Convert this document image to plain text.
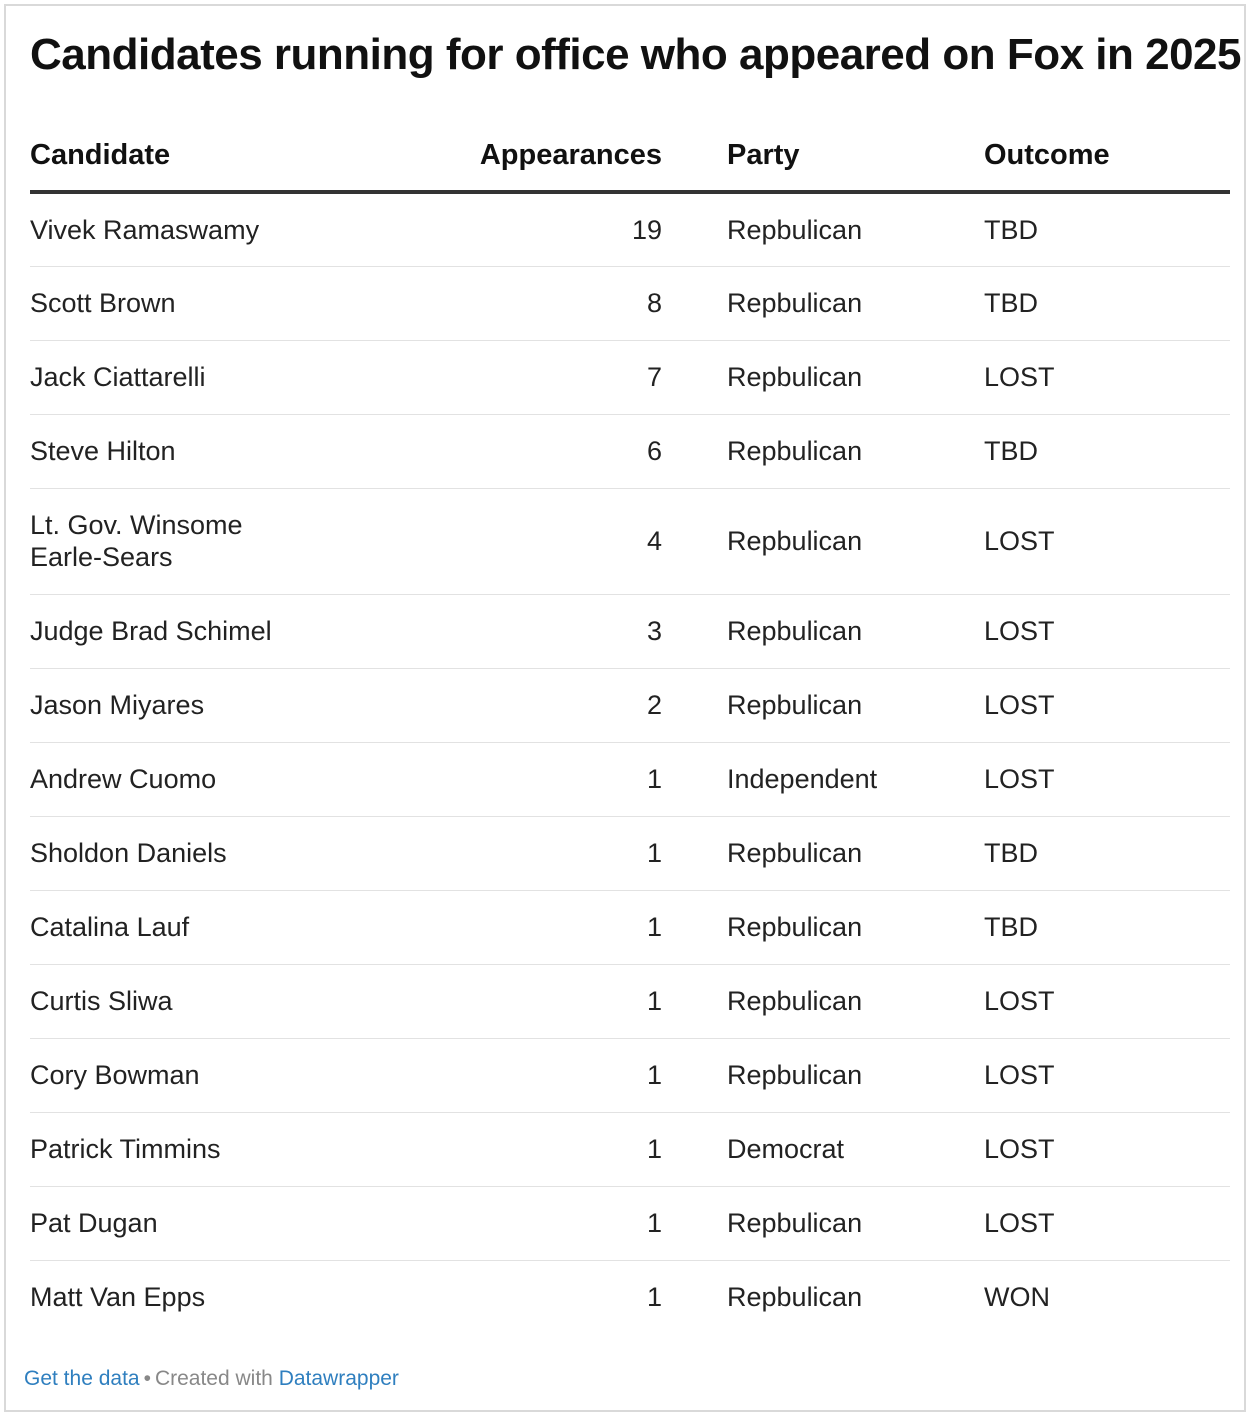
Candidates running for office who appeared on Fox in 2025
Candidate	Appearances	Party	Outcome
Vivek Ramaswamy	19	Repbulican	TBD
Scott Brown	8	Repbulican	TBD
Jack Ciattarelli	7	Repbulican	LOST
Steve Hilton	6	Repbulican	TBD
Lt. Gov. Winsome Earle-Sears	4	Repbulican	LOST
Judge Brad Schimel	3	Repbulican	LOST
Jason Miyares	2	Repbulican	LOST
Andrew Cuomo	1	Independent	LOST
Sholdon Daniels	1	Repbulican	TBD
Catalina Lauf	1	Repbulican	TBD
Curtis Sliwa	1	Repbulican	LOST
Cory Bowman	1	Repbulican	LOST
Patrick Timmins	1	Democrat	LOST
Pat Dugan	1	Repbulican	LOST
Matt Van Epps	1	Repbulican	WON
Get the data • Created with Datawrapper
